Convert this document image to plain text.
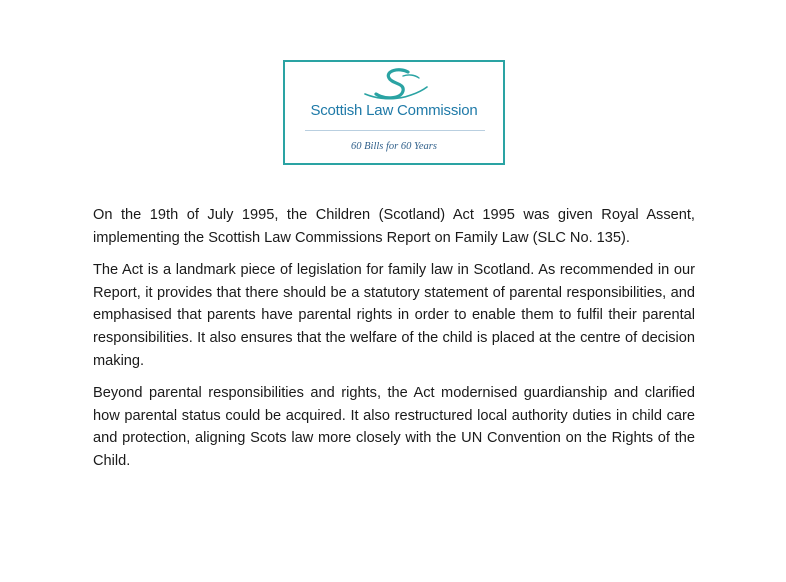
Scottish Law Commission
60 Bills for 60 Years

On the 19th of July 1995, the Children (Scotland) Act 1995 was given Royal Assent, implementing the Scottish Law Commissions Report on Family Law (SLC No. 135).

The Act is a landmark piece of legislation for family law in Scotland. As recommended in our Report, it provides that there should be a statutory statement of parental responsibilities, and emphasised that parents have parental rights in order to enable them to fulfil their parental responsibilities. It also ensures that the welfare of the child is placed at the centre of decision making.

Beyond parental responsibilities and rights, the Act modernised guardianship and clarified how parental status could be acquired. It also restructured local authority duties in child care and protection, aligning Scots law more closely with the UN Convention on the Rights of the Child.
